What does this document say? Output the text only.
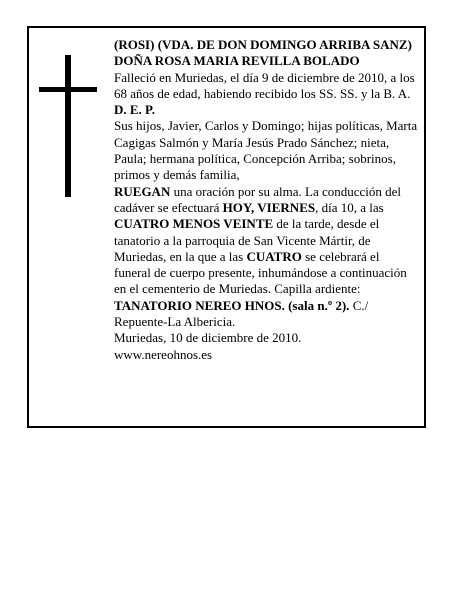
(ROSI) (VDA. DE DON DOMINGO ARRIBA SANZ)

DOÑA ROSA MARIA REVILLA BOLADO

Falleció en Muriedas, el día 9 de diciembre de 2010, a los 68 años de edad, habiendo recibido los SS. SS. y la B. A.

D. E. P.

Sus hijos, Javier, Carlos y Domingo; hijas políticas, Marta Cagigas Salmón y María Jesús Prado Sánchez; nieta, Paula; hermana política, Concepción Arriba; sobrinos, primos y demás familia,

RUEGAN una oración por su alma. La conducción del cadáver se efectuará HOY, VIERNES, día 10, a las CUATRO MENOS VEINTE de la tarde, desde el tanatorio a la parroquia de San Vicente Mártir, de Muriedas, en la que a las CUATRO se celebrará el funeral de cuerpo presente, inhumándose a continuación en el cementerio de Muriedas. Capilla ardiente: TANATORIO NEREO HNOS. (sala n.º 2). C./ Repuente-La Albericia.

Muriedas, 10 de diciembre de 2010.

www.nereohnos.es
